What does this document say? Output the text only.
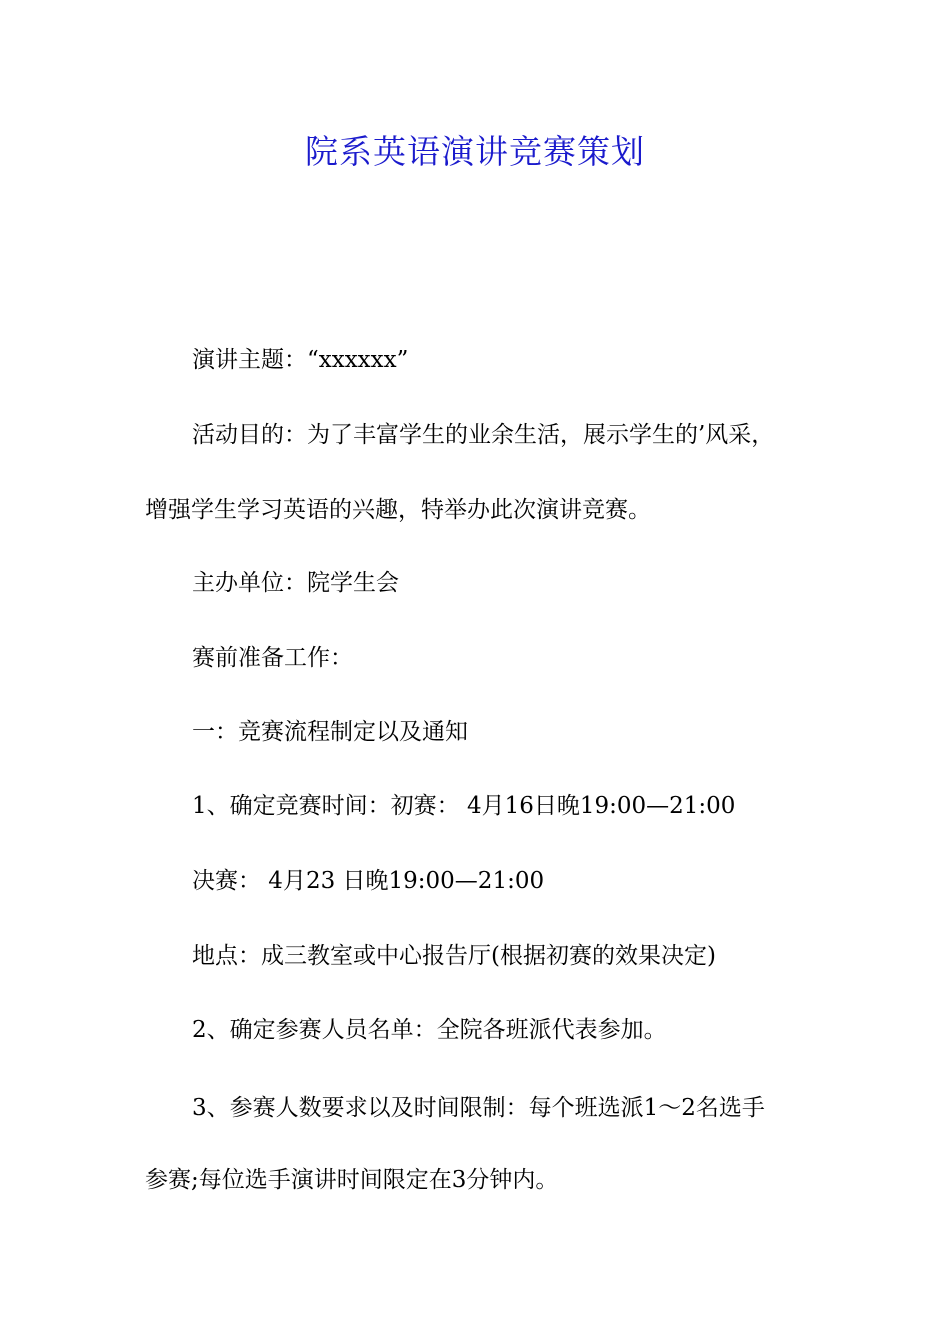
院系英语演讲竞赛策划
演讲主题：“xxxxxx”
活动目的：为了丰富学生的业余生活，展示学生的’风采，
增强学生学习英语的兴趣，特举办此次演讲竞赛。
主办单位：院学生会
赛前准备工作：
一：竞赛流程制定以及通知
1、确定竞赛时间：初赛： 4月16日晚19:00—21:00
决赛： 4月23 日晚19:00—21:00
地点：成三教室或中心报告厅(根据初赛的效果决定)
2、确定参赛人员名单：全院各班派代表参加。
3、参赛人数要求以及时间限制：每个班选派1～2名选手
参赛;每位选手演讲时间限定在3分钟内。
